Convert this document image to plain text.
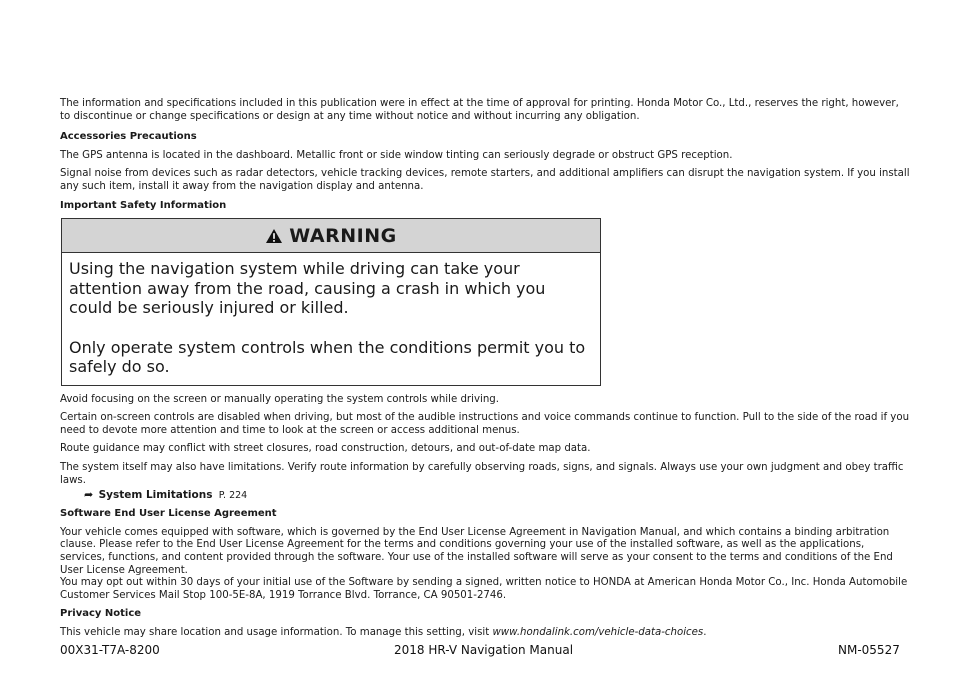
The information and specifications included in this publication were in effect at the time of approval for printing. Honda Motor Co., Ltd., reserves the right, however, to discontinue or change specifications or design at any time without notice and without incurring any obligation.

Accessories Precautions

The GPS antenna is located in the dashboard. Metallic front or side window tinting can seriously degrade or obstruct GPS reception.

Signal noise from devices such as radar detectors, vehicle tracking devices, remote starters, and additional amplifiers can disrupt the navigation system. If you install any such item, install it away from the navigation display and antenna.

Important Safety Information

WARNING

Using the navigation system while driving can take your attention away from the road, causing a crash in which you could be seriously injured or killed.

Only operate system controls when the conditions permit you to safely do so.

Avoid focusing on the screen or manually operating the system controls while driving.

Certain on-screen controls are disabled when driving, but most of the audible instructions and voice commands continue to function. Pull to the side of the road if you need to devote more attention and time to look at the screen or access additional menus.

Route guidance may conflict with street closures, road construction, detours, and out-of-date map data.

The system itself may also have limitations. Verify route information by carefully observing roads, signs, and signals. Always use your own judgment and obey traffic laws.

➦ System Limitations P. 224

Software End User License Agreement

Your vehicle comes equipped with software, which is governed by the End User License Agreement in Navigation Manual, and which contains a binding arbitration clause. Please refer to the End User License Agreement for the terms and conditions governing your use of the installed software, as well as the applications, services, functions, and content provided through the software. Your use of the installed software will serve as your consent to the terms and conditions of the End User License Agreement.

You may opt out within 30 days of your initial use of the Software by sending a signed, written notice to HONDA at American Honda Motor Co., Inc. Honda Automobile Customer Services Mail Stop 100-5E-8A, 1919 Torrance Blvd. Torrance, CA 90501-2746.

Privacy Notice

This vehicle may share location and usage information. To manage this setting, visit www.hondalink.com/vehicle-data-choices.

00X31-T7A-8200	2018 HR-V Navigation Manual	NM-05527
